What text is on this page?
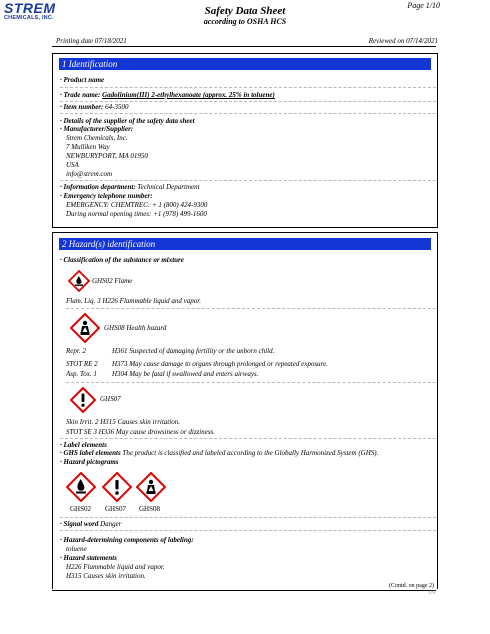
STREM
CHEMICALS, INC.
Page 1/10
Safety Data Sheet
according to OSHA HCS
Printing date 07/18/2021	Reviewed on 07/14/2021
1 Identification
· Product name
· Trade name: Gadolinium(III) 2-ethylhexanoate (approx. 25% in toluene)
· Item number: 64-3500
· Details of the supplier of the safety data sheet
· Manufacturer/Supplier:
Strem Chemicals, Inc.
7 Mulliken Way
NEWBURYPORT, MA 01950
USA
info@strem.com
· Information department: Technical Department
· Emergency telephone number:
EMERGENCY: CHEMTREC: + 1 (800) 424-9300
During normal opening times: +1 (978) 499-1600
2 Hazard(s) identification
· Classification of the substance or mixture
GHS02 Flame
Flam. Liq. 3 H226 Flammable liquid and vapor.
GHS08 Health hazard
Repr. 2	H361 Suspected of damaging fertility or the unborn child.
STOT RE 2 H373 May cause damage to organs through prolonged or repeated exposure.
Asp. Tox. 1 H304 May be fatal if swallowed and enters airways.
GHS07
Skin Irrit. 2 H315 Causes skin irritation.
STOT SE 3 H336 May cause drowsiness or dizziness.
· Label elements
· GHS label elements The product is classified and labeled according to the Globally Harmonized System (GHS).
· Hazard pictograms
GHS02 GHS07 GHS08
· Signal word Danger
· Hazard-determining components of labeling:
toluene
· Hazard statements
H226 Flammable liquid and vapor.
H315 Causes skin irritation.
(Contd. on page 2)
US
